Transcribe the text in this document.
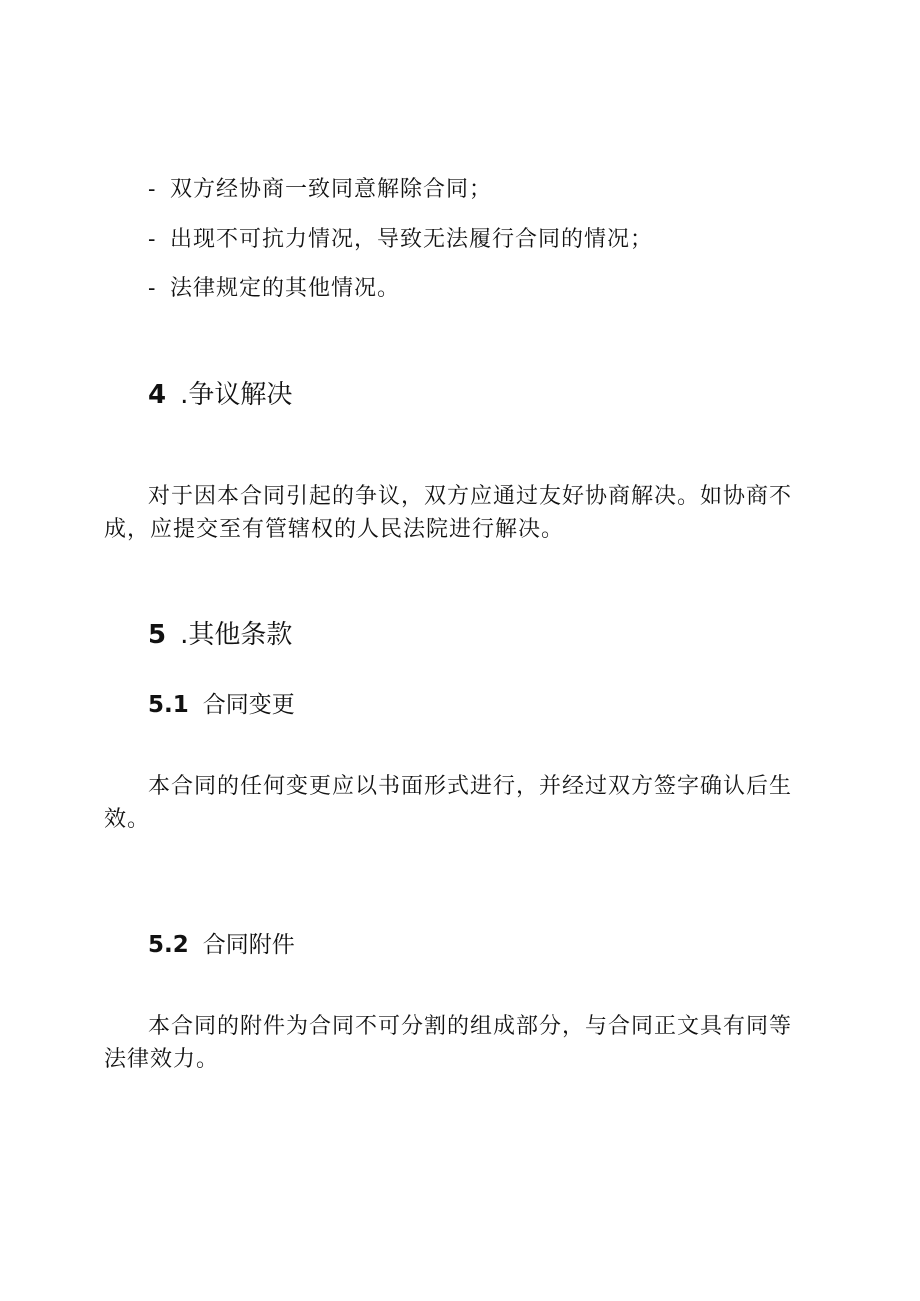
- 双方经协商一致同意解除合同；
- 出现不可抗力情况，导致无法履行合同的情况；
- 法律规定的其他情况。
4 .争议解决
对于因本合同引起的争议，双方应通过友好协商解决。如协商不成，应提交至有管辖权的人民法院进行解决。
5 .其他条款
5.1 合同变更
本合同的任何变更应以书面形式进行，并经过双方签字确认后生效。
5.2 合同附件
本合同的附件为合同不可分割的组成部分，与合同正文具有同等法律效力。
